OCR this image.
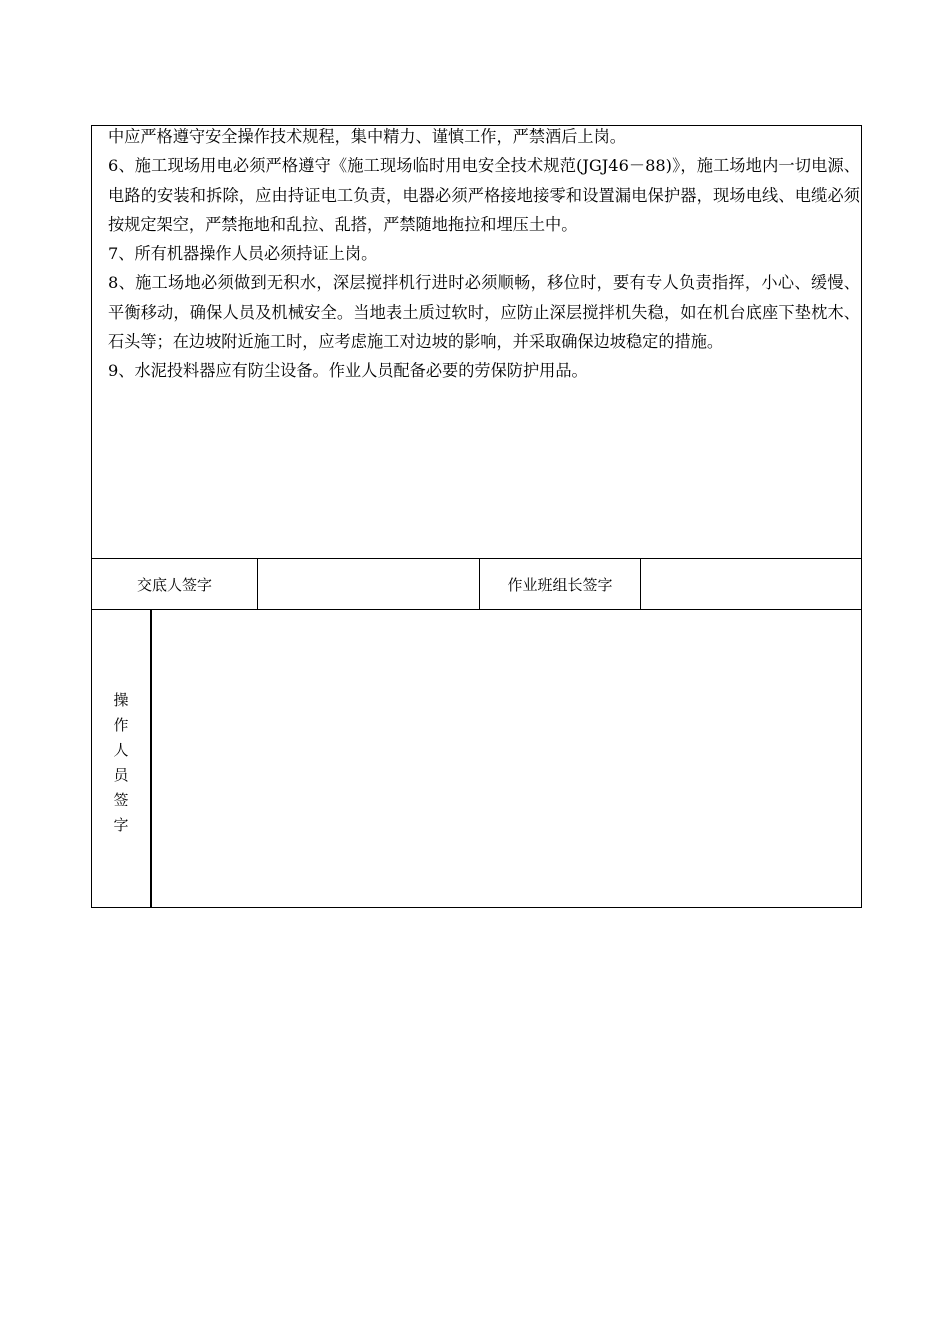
中应严格遵守安全操作技术规程，集中精力、谨慎工作，严禁酒后上岗。

6、施工现场用电必须严格遵守《施工现场临时用电安全技术规范(JGJ46－88)》，施工场地内一切电源、电路的安装和拆除，应由持证电工负责，电器必须严格接地接零和设置漏电保护器，现场电线、电缆必须按规定架空，严禁拖地和乱拉、乱搭，严禁随地拖拉和埋压土中。

7、所有机器操作人员必须持证上岗。

8、施工场地必须做到无积水，深层搅拌机行进时必须顺畅，移位时，要有专人负责指挥，小心、缓慢、平衡移动，确保人员及机械安全。当地表土质过软时，应防止深层搅拌机失稳，如在机台底座下垫枕木、石头等；在边坡附近施工时，应考虑施工对边坡的影响，并采取确保边坡稳定的措施。

9、水泥投料器应有防尘设备。作业人员配备必要的劳保防护用品。

交底人签字	作业班组长签字
操作人员签字
